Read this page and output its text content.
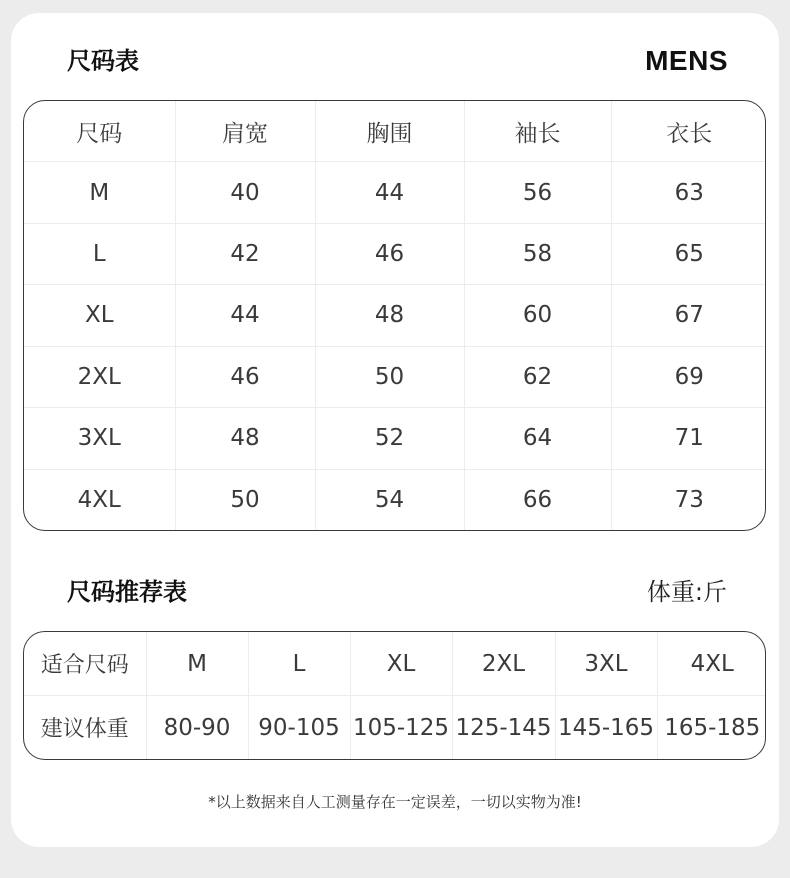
尺码表	MENS
尺码	肩宽	胸围	袖长	衣长
M	40	44	56	63
L	42	46	58	65
XL	44	48	60	67
2XL	46	50	62	69
3XL	48	52	64	71
4XL	50	54	66	73
尺码推荐表	体重:斤
适合尺码	M	L	XL	2XL	3XL	4XL
建议体重	80-90	90-105	105-125	125-145	145-165	165-185
*以上数据来自人工测量存在一定误差，一切以实物为准!
